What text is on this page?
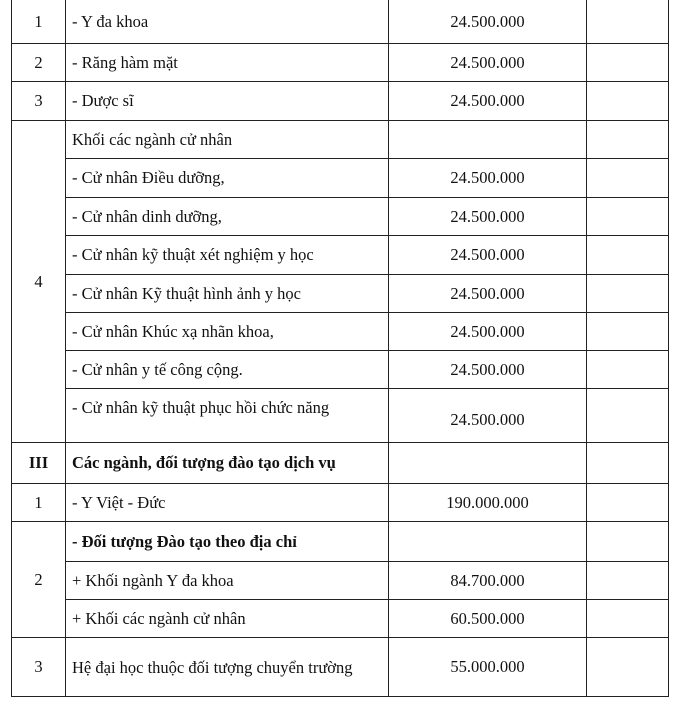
1	- Y đa khoa	24.500.000	
2	- Răng hàm mặt	24.500.000	
3	- Dược sĩ	24.500.000	
4	Khối các ngành cử nhân		
	- Cử nhân Điều dưỡng,	24.500.000	
	- Cử nhân dinh dưỡng,	24.500.000	
	- Cử nhân kỹ thuật xét nghiệm y học	24.500.000	
	- Cử nhân Kỹ thuật hình ảnh y học	24.500.000	
	- Cử nhân Khúc xạ nhãn khoa,	24.500.000	
	- Cử nhân y tế công cộng.	24.500.000	
	- Cử nhân kỹ thuật phục hồi chức năng	24.500.000	
III	Các ngành, đối tượng đào tạo dịch vụ		
1	- Y Việt - Đức	190.000.000	
2	- Đối tượng Đào tạo theo địa chỉ		
	+ Khối ngành Y đa khoa	84.700.000	
	+ Khối các ngành cử nhân	60.500.000	
3	Hệ đại học thuộc đối tượng chuyển trường	55.000.000	
